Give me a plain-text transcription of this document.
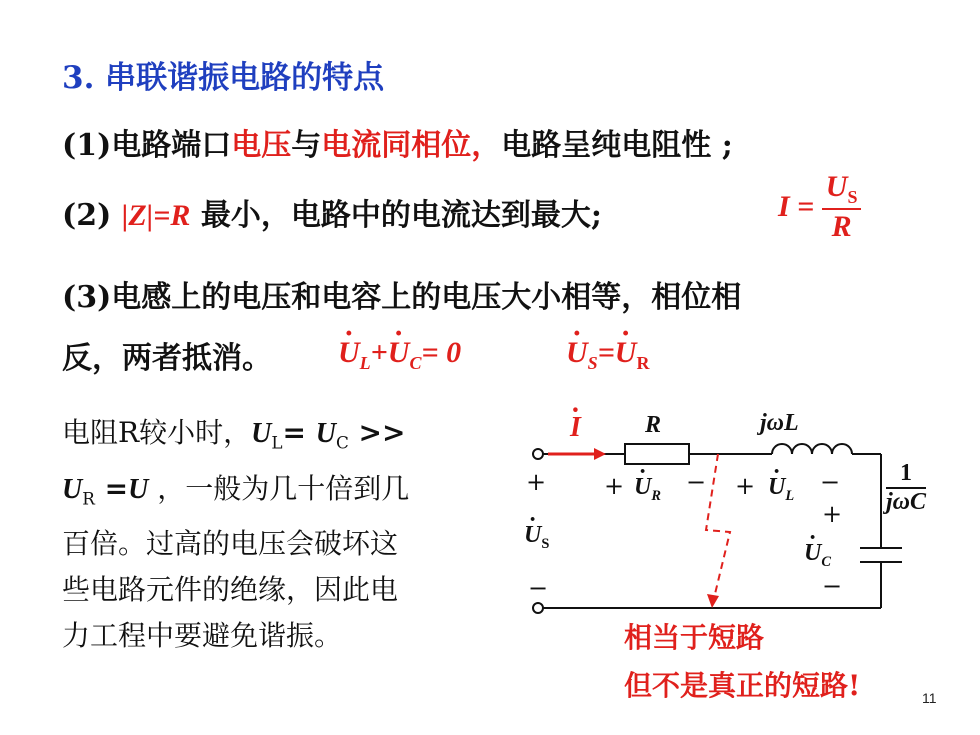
3. 串联谐振电路的特点
(1)电路端口电压与电流同相位，电路呈纯电阻性 ;
(2) |Z|=R 最小，电路中的电流达到最大;	$I = \frac{U_S}{R}$
(3)电感上的电压和电容上的电压大小相等，相位相
反，两者抵消。 · $U_L+\cdot U_C= 0$	· $U_S=\cdot U_R$
电阻R较小时，$U_L= U_C$ >>
$U_R =U$ ，一般为几十倍到几
百倍。过高的电压会破坏这
些电路元件的绝缘，因此电
力工程中要避免谐振。
· I	R	jωL
1
jωC
+
· $U_S$
−
+ · $U_R$ − + · $U_L$ −
+
· $U_C$
−
相当于短路
但不是真正的短路!	11
